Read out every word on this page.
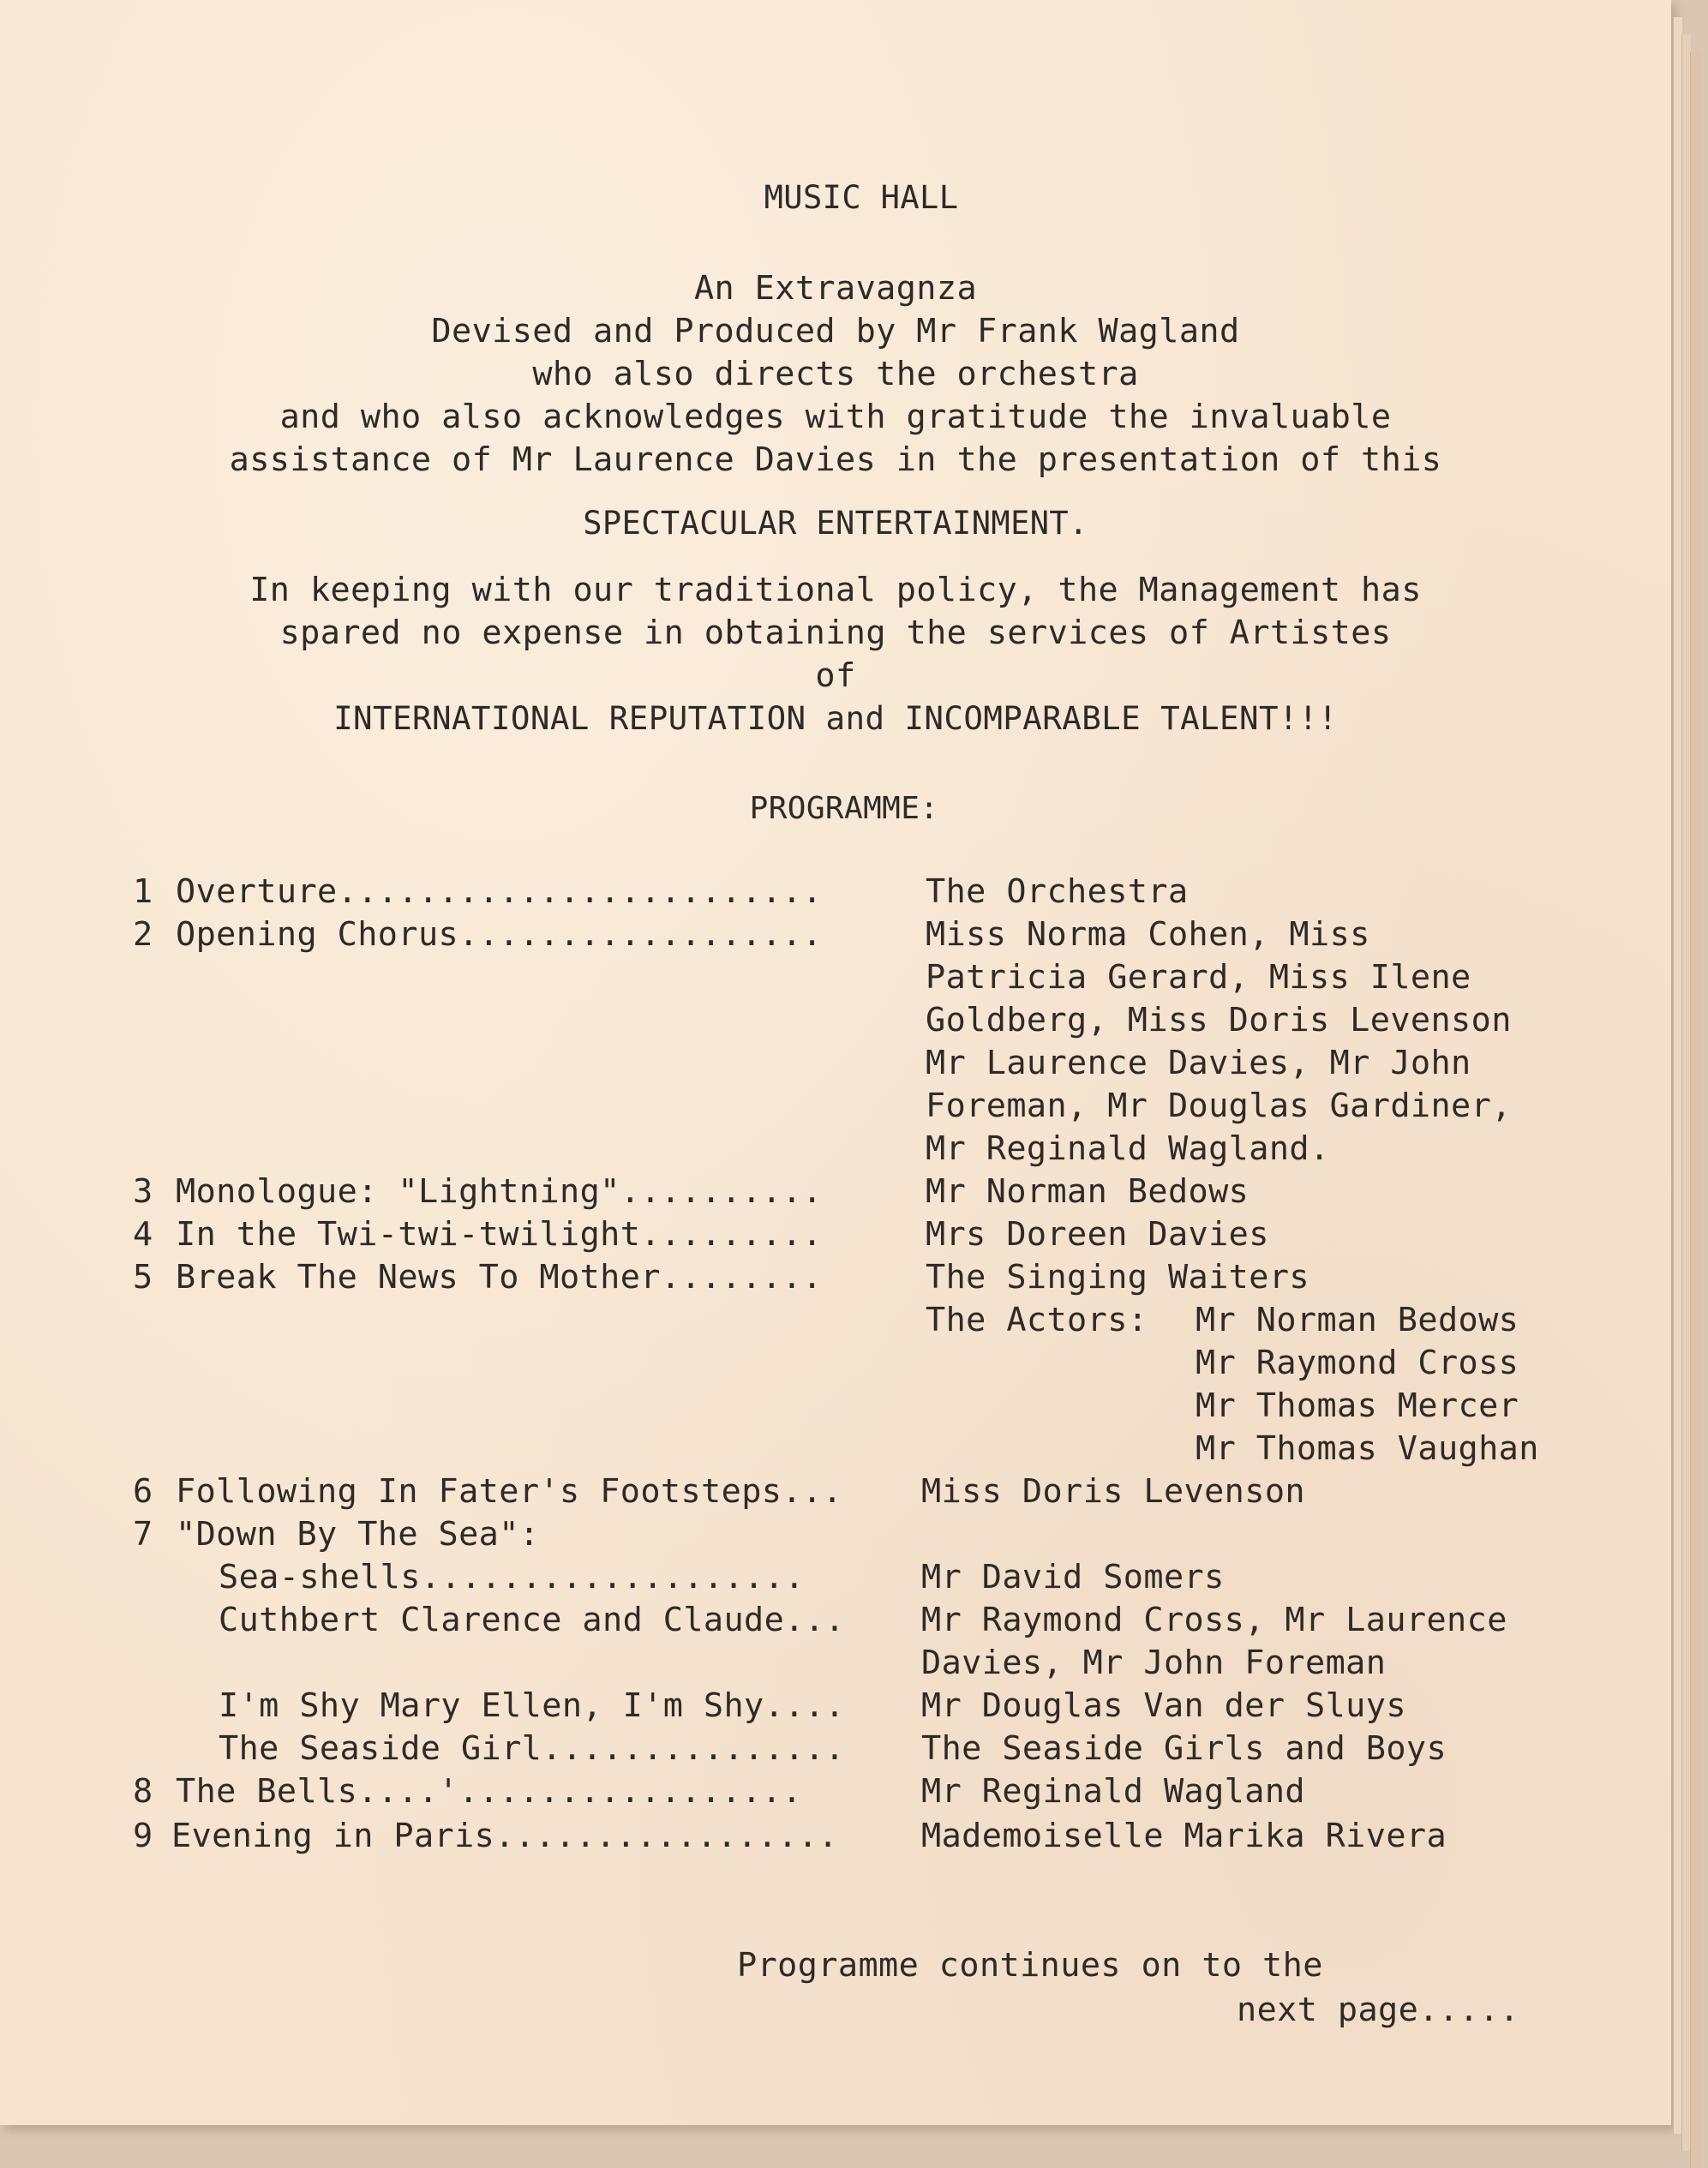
MUSIC HALL
An Extravagnza
Devised and Produced by Mr Frank Wagland
who also directs the orchestra
and who also acknowledges with gratitude the invaluable
assistance of Mr Laurence Davies in the presentation of this
SPECTACULAR ENTERTAINMENT.
In keeping with our traditional policy, the Management has
spared no expense in obtaining the services of Artistes
of
INTERNATIONAL REPUTATION and INCOMPARABLE TALENT!!!
PROGRAMME:
1 Overture........................	The Orchestra
2 Opening Chorus..................	Miss Norma Cohen, Miss
Patricia Gerard, Miss Ilene
Goldberg, Miss Doris Levenson
Mr Laurence Davies, Mr John
Foreman, Mr Douglas Gardiner,
Mr Reginald Wagland.
3 Monologue: "Lightning"..........	Mr Norman Bedows
4 In the Twi-twi-twilight.........	Mrs Doreen Davies
5 Break The News To Mother........	The Singing Waiters
The Actors: Mr Norman Bedows
Mr Raymond Cross
Mr Thomas Mercer
Mr Thomas Vaughan
6 Following In Fater's Footsteps... Miss Doris Levenson
7 "Down By The Sea":
Sea-shells...................	Mr David Somers
Cuthbert Clarence and Claude... Mr Raymond Cross, Mr Laurence
Davies, Mr John Foreman
I'm Shy Mary Ellen, I'm Shy.... Mr Douglas Van der Sluys
The Seaside Girl............... The Seaside Girls and Boys
8 The Bells....'.................	Mr Reginald Wagland
9 Evening in Paris.................	Mademoiselle Marika Rivera
Programme continues on to the
next page.....
